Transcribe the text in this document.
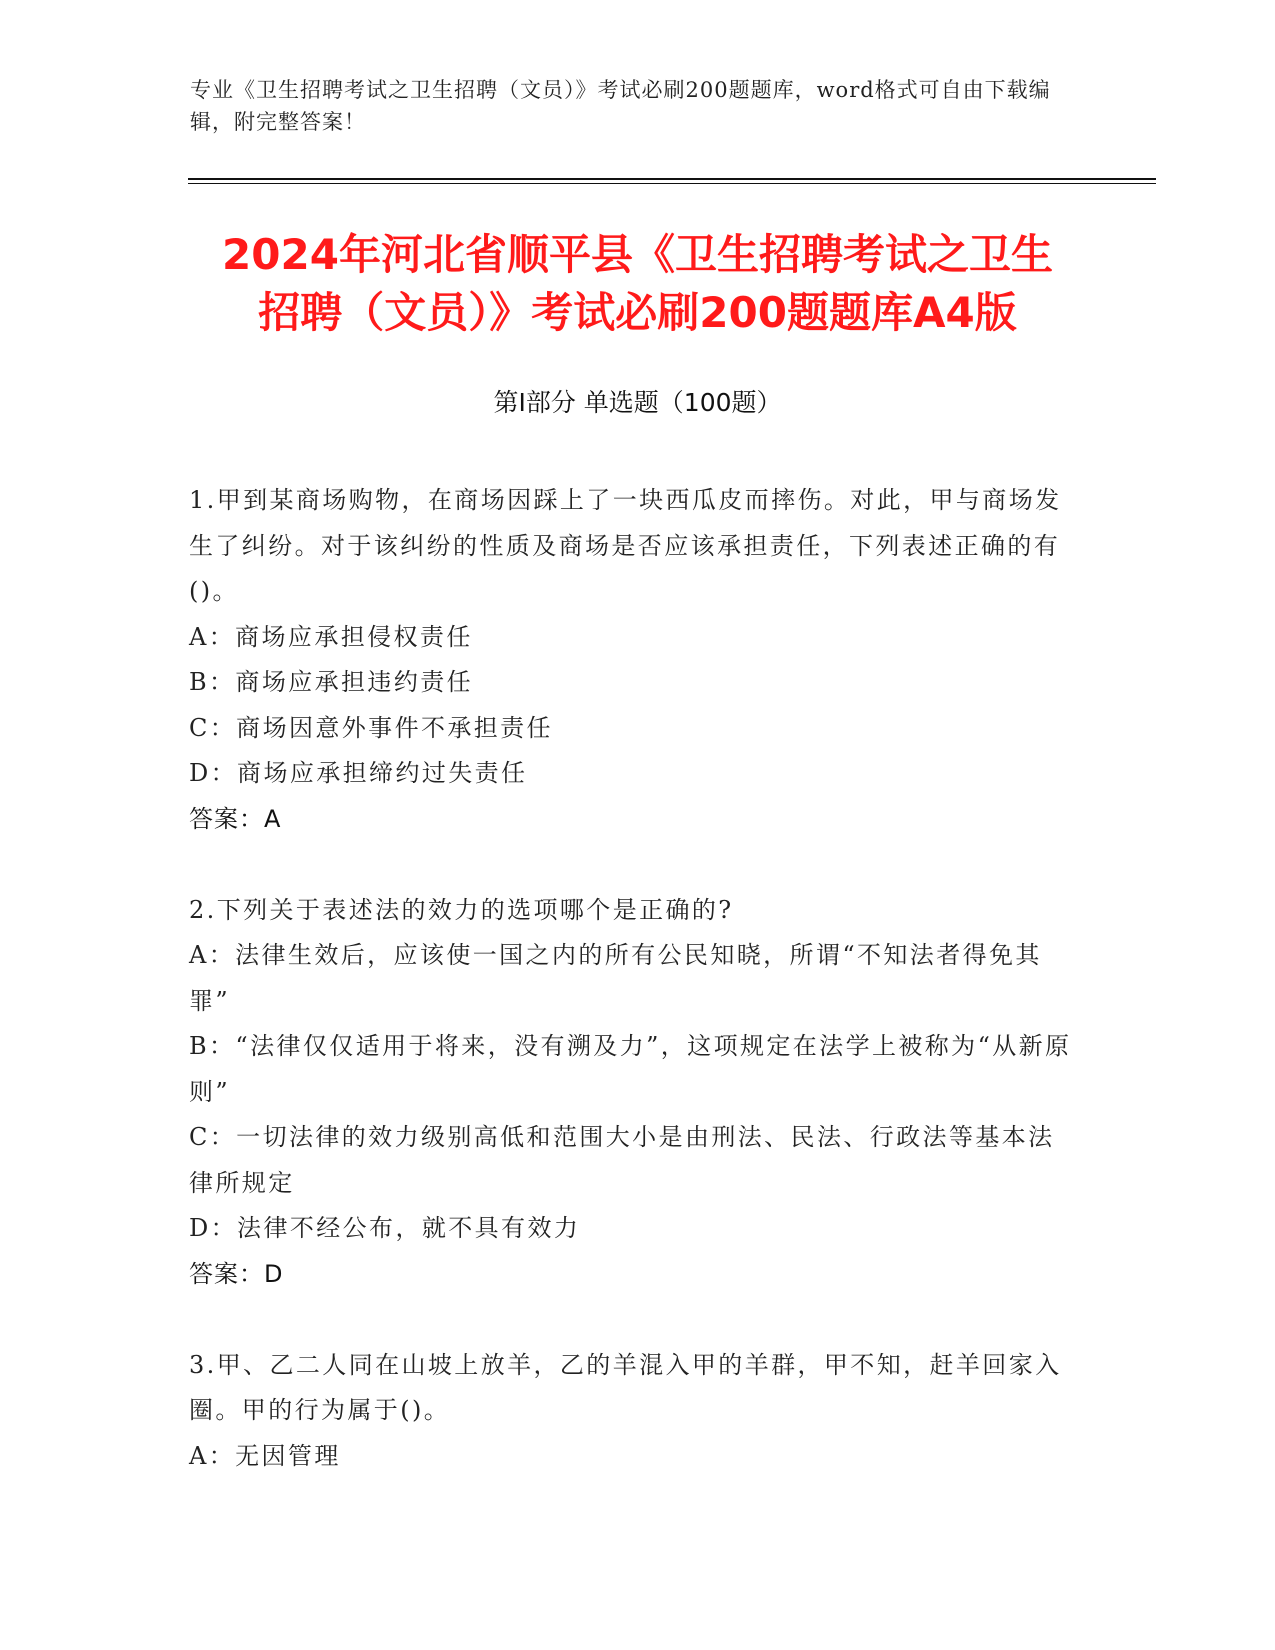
专业《卫生招聘考试之卫生招聘（文员）》考试必刷200题题库，word格式可自由下载编辑，附完整答案！
2024年河北省顺平县《卫生招聘考试之卫生
招聘（文员）》考试必刷200题题库A4版
第Ⅰ部分 单选题（100题）

1.甲到某商场购物，在商场因踩上了一块西瓜皮而摔伤。对此，甲与商场发生了纠纷。对于该纠纷的性质及商场是否应该承担责任，下列表述正确的有()。

A：商场应承担侵权责任

B：商场应承担违约责任

C：商场因意外事件不承担责任

D：商场应承担缔约过失责任

答案：A

2.下列关于表述法的效力的选项哪个是正确的?

A：法律生效后，应该使一国之内的所有公民知晓，所谓“不知法者得免其罪”

B：“法律仅仅适用于将来，没有溯及力”，这项规定在法学上被称为“从新原则”

C：一切法律的效力级别高低和范围大小是由刑法、民法、行政法等基本法律所规定

D：法律不经公布，就不具有效力

答案：D

3.甲、乙二人同在山坡上放羊，乙的羊混入甲的羊群，甲不知，赶羊回家入圈。甲的行为属于()。

A：无因管理
